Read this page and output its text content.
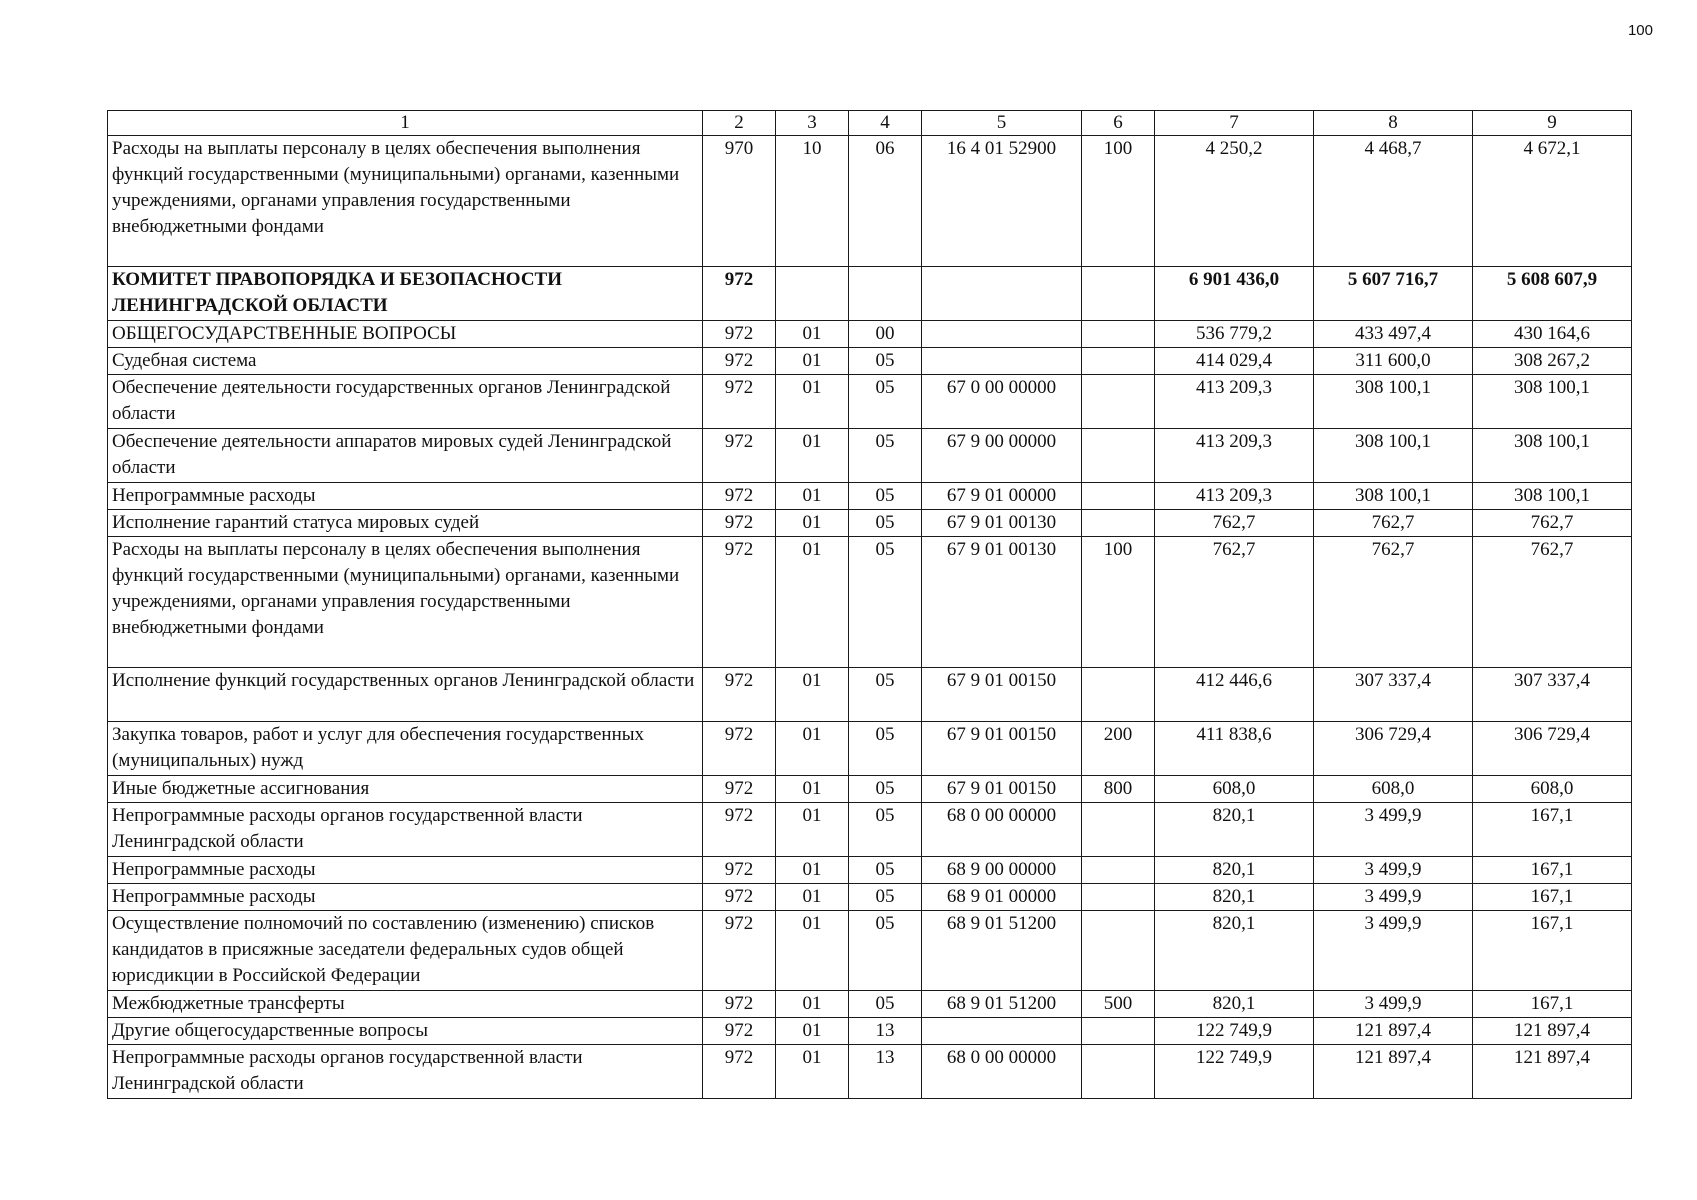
100
1	2	3	4	5	6	7	8	9
Расходы на выплаты персоналу в целях обеспечения выполнения функций государственными (муниципальными) органами, казенными учреждениями, органами управления государственными внебюджетными фондами	970	10	06	16 4 01 52900	100	4 250,2	4 468,7	4 672,1
КОМИТЕТ ПРАВОПОРЯДКА И БЕЗОПАСНОСТИ ЛЕНИНГРАДСКОЙ ОБЛАСТИ	972					6 901 436,0	5 607 716,7	5 608 607,9
ОБЩЕГОСУДАРСТВЕННЫЕ ВОПРОСЫ	972	01	00			536 779,2	433 497,4	430 164,6
Судебная система	972	01	05			414 029,4	311 600,0	308 267,2
Обеспечение деятельности государственных органов Ленинградской области	972	01	05	67 0 00 00000		413 209,3	308 100,1	308 100,1
Обеспечение деятельности аппаратов мировых судей Ленинградской области	972	01	05	67 9 00 00000		413 209,3	308 100,1	308 100,1
Непрограммные расходы	972	01	05	67 9 01 00000		413 209,3	308 100,1	308 100,1
Исполнение гарантий статуса мировых судей	972	01	05	67 9 01 00130		762,7	762,7	762,7
Расходы на выплаты персоналу в целях обеспечения выполнения функций государственными (муниципальными) органами, казенными учреждениями, органами управления государственными внебюджетными фондами	972	01	05	67 9 01 00130	100	762,7	762,7	762,7
Исполнение функций государственных органов Ленинградской области	972	01	05	67 9 01 00150		412 446,6	307 337,4	307 337,4
Закупка товаров, работ и услуг для обеспечения государственных (муниципальных) нужд	972	01	05	67 9 01 00150	200	411 838,6	306 729,4	306 729,4
Иные бюджетные ассигнования	972	01	05	67 9 01 00150	800	608,0	608,0	608,0
Непрограммные расходы органов государственной власти Ленинградской области	972	01	05	68 0 00 00000		820,1	3 499,9	167,1
Непрограммные расходы	972	01	05	68 9 00 00000		820,1	3 499,9	167,1
Непрограммные расходы	972	01	05	68 9 01 00000		820,1	3 499,9	167,1
Осуществление полномочий по составлению (изменению) списков кандидатов в присяжные заседатели федеральных судов общей юрисдикции в Российской Федерации	972	01	05	68 9 01 51200		820,1	3 499,9	167,1
Межбюджетные трансферты	972	01	05	68 9 01 51200	500	820,1	3 499,9	167,1
Другие общегосударственные вопросы	972	01	13			122 749,9	121 897,4	121 897,4
Непрограммные расходы органов государственной власти Ленинградской области	972	01	13	68 0 00 00000		122 749,9	121 897,4	121 897,4
